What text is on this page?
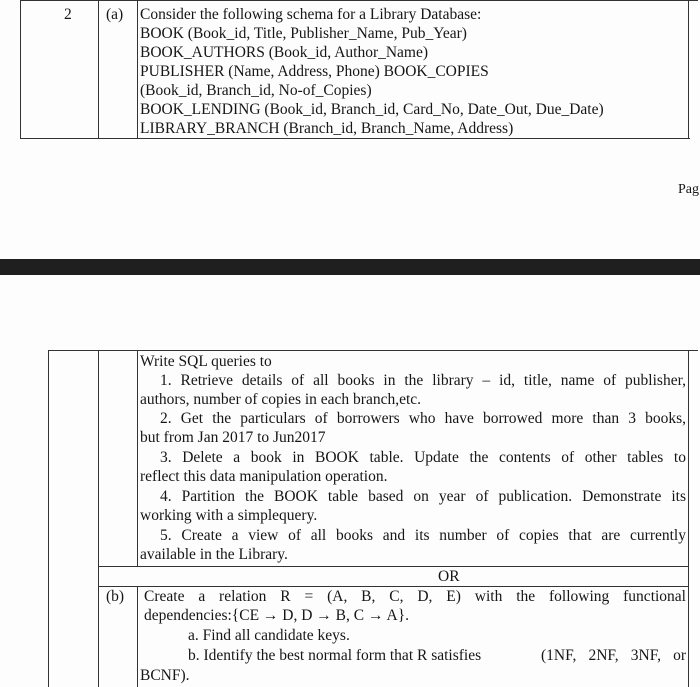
2 (a) Consider the following schema for a Library Database:
BOOK (Book_id, Title, Publisher_Name, Pub_Year)
BOOK_AUTHORS (Book_id, Author_Name)
PUBLISHER (Name, Address, Phone) BOOK_COPIES
(Book_id, Branch_id, No-of_Copies)
BOOK_LENDING (Book_id, Branch_id, Card_No, Date_Out, Due_Date)
LIBRARY_BRANCH (Branch_id, Branch_Name, Address)
Pag
Write SQL queries to
1. Retrieve details of all books in the library – id, title, name of publisher,
authors, number of copies in each branch,etc.
2. Get the particulars of borrowers who have borrowed more than 3 books,
but from Jan 2017 to Jun2017
3. Delete a book in BOOK table. Update the contents of other tables to
reflect this data manipulation operation.
4. Partition the BOOK table based on year of publication. Demonstrate its
working with a simplequery.
5. Create a view of all books and its number of copies that are currently
available in the Library.
OR
(b) Create a relation R = (A, B, C, D, E) with the following functional
dependencies:{CE → D, D → B, C → A}.
a. Find all candidate keys.
b. Identify the best normal form that R satisfies	(1NF, 2NF, 3NF, or
BCNF).
